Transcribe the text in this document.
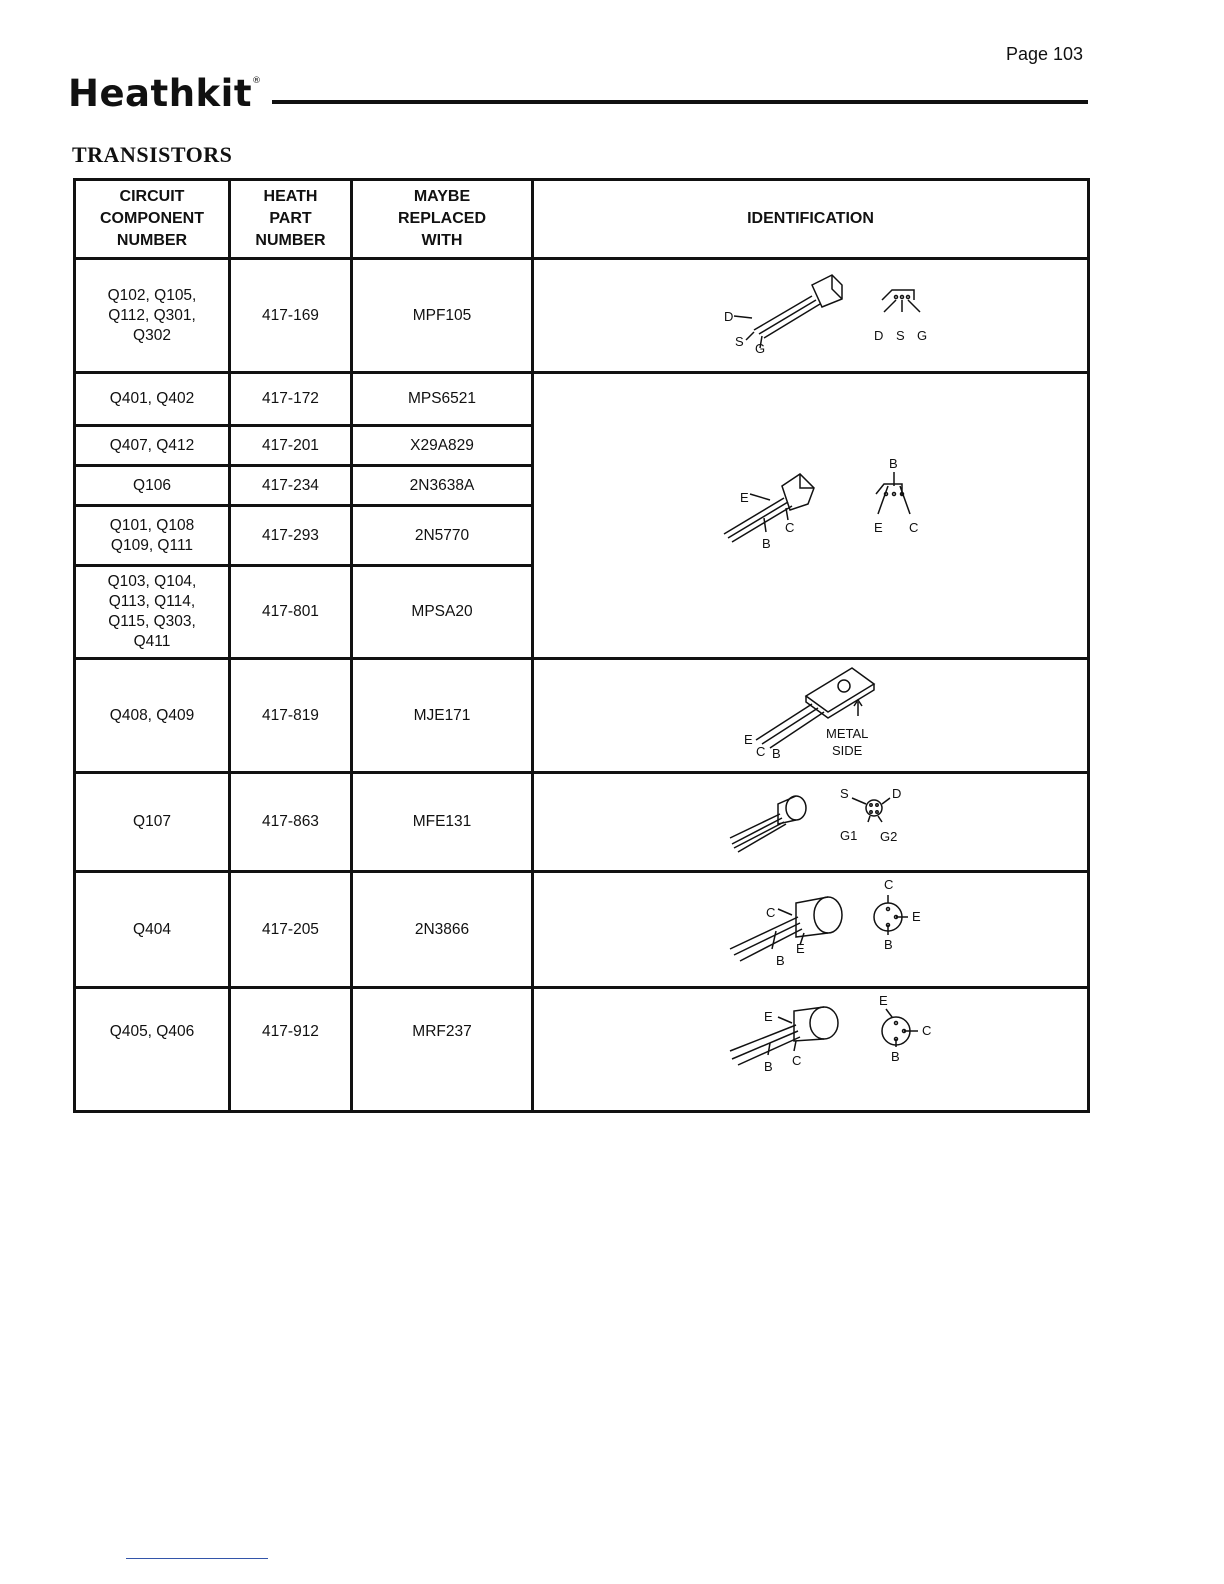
Page 103
Heathkit®
TRANSISTORS
CIRCUIT
COMPONENT
NUMBER
HEATH
PART
NUMBER
MAYBE
REPLACED
WITH
IDENTIFICATION
Q102, Q105,
Q112, Q301,
Q302
417-169	MPF105
Q401, Q402	417-172	MPS6521
Q407, Q412	417-201	X29A829
Q106	417-234	2N3638A
Q101, Q108
Q109, Q111
417-293	2N5770
Q103, Q104,
Q113, Q114,
Q115, Q303,
Q411
417-801	MPSA20
Q408, Q409	417-819	MJE171
Q107	417-863	MFE131
Q404	417-205	2N3866
Q405, Q406	417-912	MRF237
D
S G
D S G
E
C
B
B
E C
E
C B
METAL
SIDE
S	D
G1 G2
C
B
E
C
E
B
E
B C
E
C
B
